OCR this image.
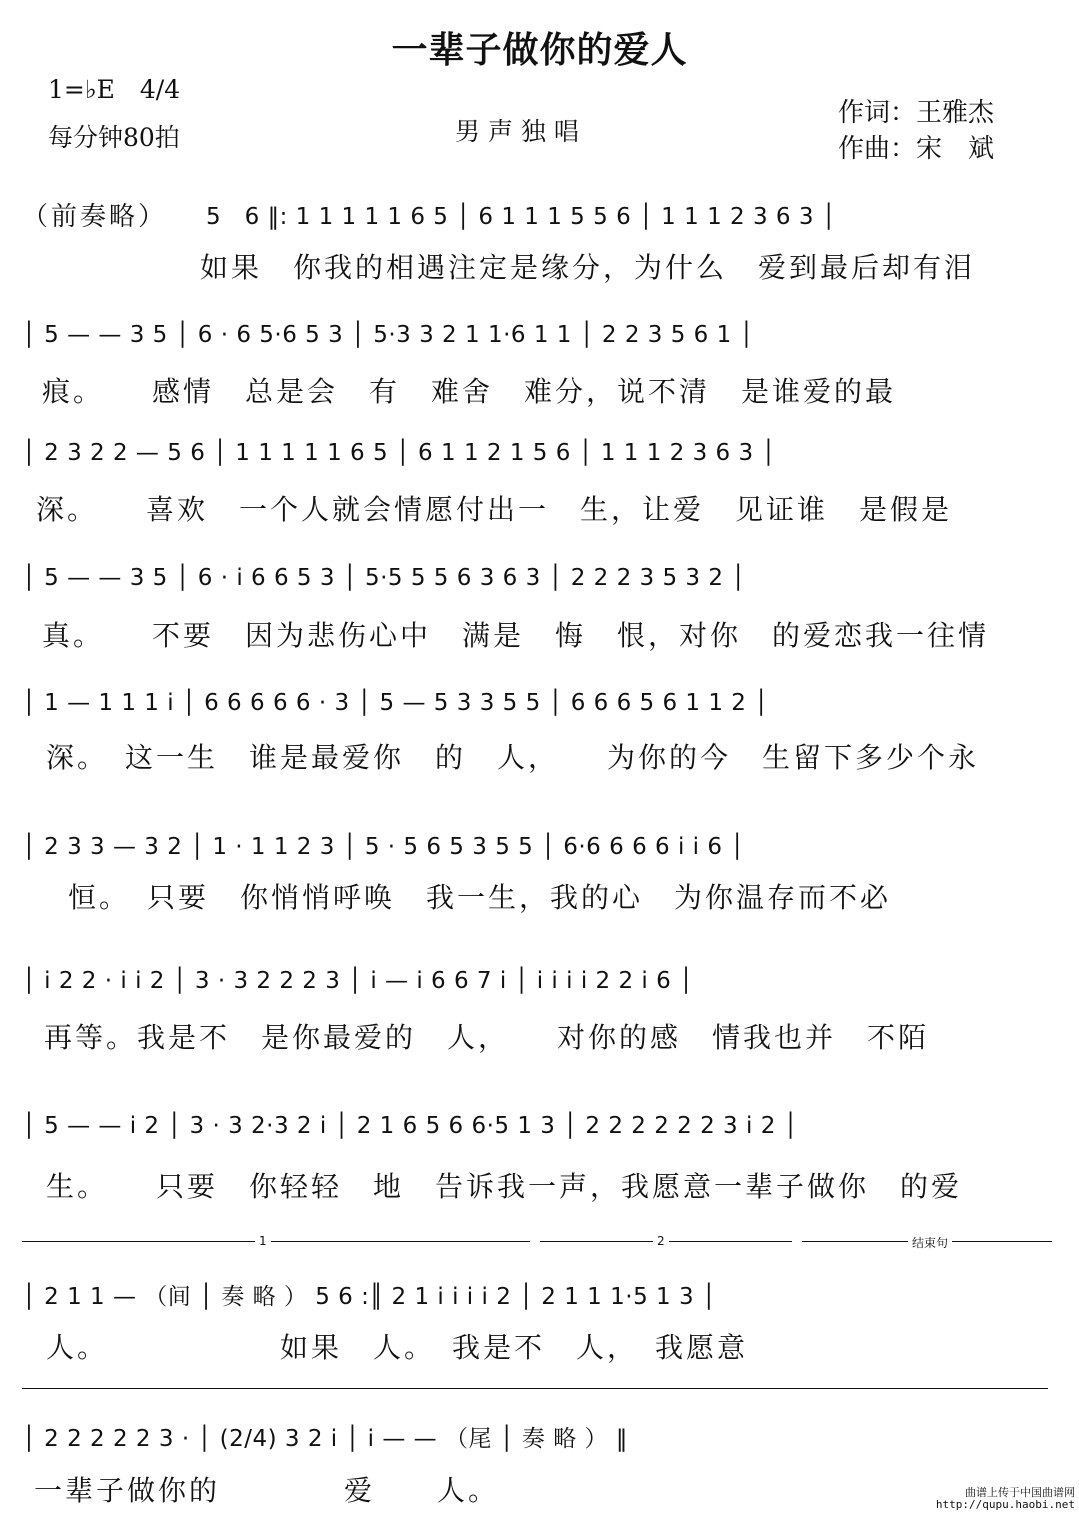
一辈子做你的爱人
1=♭E　4/4
每分钟80拍	男 声 独 唱
作词：王雅杰
作曲：宋　斌
（前奏略） 5　6 ‖: 1 1 1 1 1 6 5 │ 6 1 1 1 5 5 6 │ 1 1 1 2 3 6 3 │
如果　你我的相遇注定是缘分，为什么　爱到最后却有泪
│ 5 — — 3 5 │ 6 · 6 5·6 5 3 │ 5·3 3 2 1 1·6 1 1 │ 2 2 3 5 6 1 │
痕。　　感情　总是会　有　难舍　难分，说不清　是谁爱的最
│ 2 3 2 2 — 5 6 │ 1 1 1 1 1 6 5 │ 6 1 1 2 1 5 6 │ 1 1 1 2 3 6 3 │
深。　　喜欢　一个人就会情愿付出一　生，让爱　见证谁　是假是
│ 5 — — 3 5 │ 6 · i 6 6 5 3 │ 5·5 5 5 6 3 6 3 │ 2 2 2 3 5 3 2 │
真。　　不要　因为悲伤心中　满是　悔　恨，对你　的爱恋我一往情
│ 1 — 1 1 1 i │ 6 6 6 6 6 · 3 │ 5 — 5 3 3 5 5 │ 6 6 6 5 6 1 1 2 │
深。　这一生　谁是最爱你　的　人，　　为你的今　生留下多少个永
│ 2 3 3 — 3 2 │ 1 · 1 1 2 3 │ 5 · 5 6 5 3 5 5 │ 6·6 6 6 6 i i 6 │
恒。　只要　你悄悄呼唤　我一生，我的心　为你温存而不必
│ i 2 2 · i i 2 │ 3 · 3 2 2 2 3 │ i — i 6 6 7 i │ i i i i 2 2 i 6 │
再等。我是不　是你最爱的　人，　　对你的感　情我也并　不陌
│ 5 — — i 2 │ 3 · 3 2·3 2 i │ 2 1 6 5 6 6·5 1 3 │ 2 2 2 2 2 2 3 i 2 │
生。　　只要　你轻轻　地　告诉我一声，我愿意一辈子做你　的爱
1	2	结束句
│ 2 1 1 — （间 │ 奏 略 ） 5 6 :║ 2 1 i i i i 2 │ 2 1 1 1·5 1 3 │
人。　　　　　　如果　人。　我是不　人，　我愿意
│ 2 2 2 2 2 3 · │ (2/4) 3 2 i │ i — — （尾 │ 奏 略 ） ‖
一辈子做你的　　　　爱　　人。	曲谱上传于中国曲谱网
http://qupu.haobi.net
